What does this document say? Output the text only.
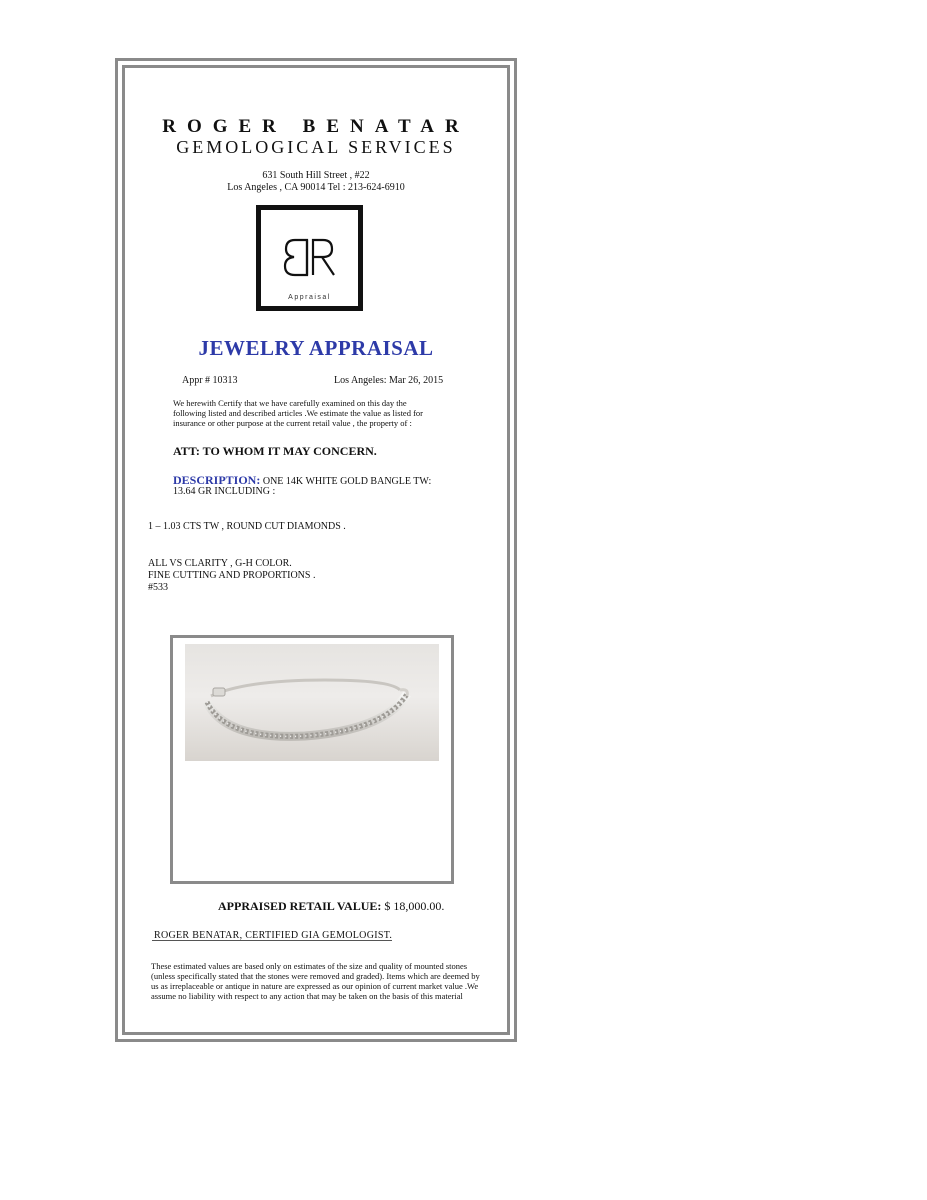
ROGER BENATAR
GEMOLOGICAL SERVICES
631 South Hill Street , #22
Los Angeles , CA 90014 Tel : 213-624-6910
Appraisal
JEWELRY APPRAISAL
Appr # 10313	Los Angeles: Mar 26, 2015
We herewith Certify that we have carefully examined on this day the
following listed and described articles .We estimate the value as listed for
insurance or other purpose at the current retail value , the property of :
ATT: TO WHOM IT MAY CONCERN.
DESCRIPTION: ONE 14K WHITE GOLD BANGLE TW:
13.64 GR INCLUDING :
1 – 1.03 CTS TW , ROUND CUT DIAMONDS .
ALL VS CLARITY , G-H COLOR.
FINE CUTTING AND PROPORTIONS .
#533
APPRAISED RETAIL VALUE: $ 18,000.00.
ROGER BENATAR, CERTIFIED GIA GEMOLOGIST.
These estimated values are based only on estimates of the size and quality of mounted stones (unless specifically stated that the stones were removed and graded). Items which are deemed by us as irreplaceable or antique in nature are expressed as our opinion of current market value .We assume no liability with respect to any action that may be taken on the basis of this material
